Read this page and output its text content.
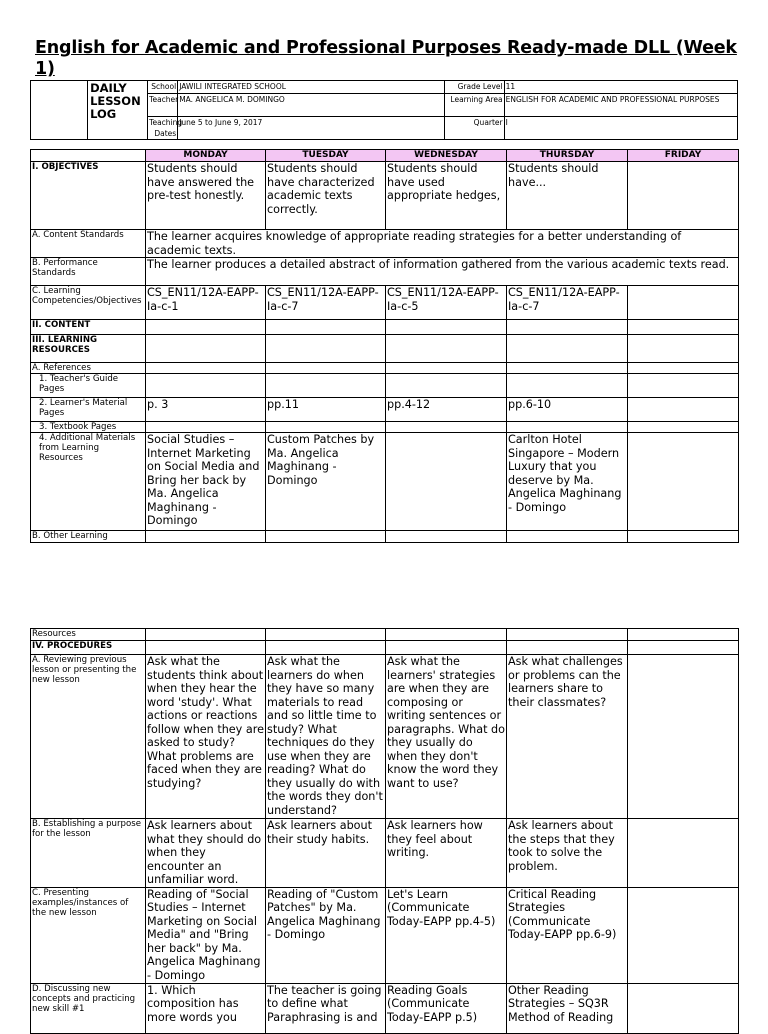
English for Academic and Professional Purposes Ready-made DLL (Week 1)
	DAILY LESSON LOG	School	JAWILI INTEGRATED SCHOOL	Grade Level	11
		Teacher	MA. ANGELICA M. DOMINGO	Learning Area	ENGLISH FOR ACADEMIC AND PROFESSIONAL PURPOSES
		Teaching Dates	June 5 to June 9, 2017	Quarter	I
	MONDAY	TUESDAY	WEDNESDAY	THURSDAY	FRIDAY
I. OBJECTIVES	Students should have answered the pre-test honestly.	Students should have characterized academic texts correctly.	Students should have used appropriate hedges,	Students should have...	
A. Content Standards	The learner acquires knowledge of appropriate reading strategies for a better understanding of academic texts.				
B. Performance Standards	The learner produces a detailed abstract of information gathered from the various academic texts read.				
C. Learning Competencies/Objectives	CS_EN11/12A-EAPP-Ia-c-1	CS_EN11/12A-EAPP-Ia-c-7	CS_EN11/12A-EAPP-Ia-c-5	CS_EN11/12A-EAPP-Ia-c-7	
II. CONTENT					
III. LEARNING RESOURCES					
A. References					
1. Teacher's Guide Pages					
2. Learner's Material Pages	p. 3	pp.11	pp.4-12	pp.6-10	
3. Textbook Pages					
4. Additional Materials from Learning Resources	Social Studies – Internet Marketing on Social Media and Bring her back by Ma. Angelica Maghinang - Domingo	Custom Patches by Ma. Angelica Maghinang - Domingo		Carlton Hotel Singapore – Modern Luxury that you deserve by Ma. Angelica Maghinang - Domingo	
B. Other Learning					
Resources					
IV. PROCEDURES					
A. Reviewing previous lesson or presenting the new lesson	Ask what the students think about when they hear the word 'study'. What actions or reactions follow when they are asked to study? What problems are faced when they are studying?	Ask what the learners do when they have so many materials to read and so little time to study? What techniques do they use when they are reading? What do they usually do with the words they don't understand?	Ask what the learners' strategies are when they are composing or writing sentences or paragraphs. What do they usually do when they don't know the word they want to use?	Ask what challenges or problems can the learners share to their classmates?	
B. Establishing a purpose for the lesson	Ask learners about what they should do when they encounter an unfamiliar word.	Ask learners about their study habits.	Ask learners how they feel about writing.	Ask learners about the steps that they took to solve the problem.	
C. Presenting examples/instances of the new lesson	Reading of "Social Studies – Internet Marketing on Social Media" and "Bring her back" by Ma. Angelica Maghinang - Domingo	Reading of "Custom Patches" by Ma. Angelica Maghinang - Domingo	Let's Learn (Communicate Today-EAPP pp.4-5)	Critical Reading Strategies (Communicate Today-EAPP pp.6-9)	
D. Discussing new concepts and practicing new skill #1	1. Which composition has more words you	The teacher is going to define what Paraphrasing is and	Reading Goals (Communicate Today-EAPP p.5)	Other Reading Strategies – SQ3R Method of Reading	
